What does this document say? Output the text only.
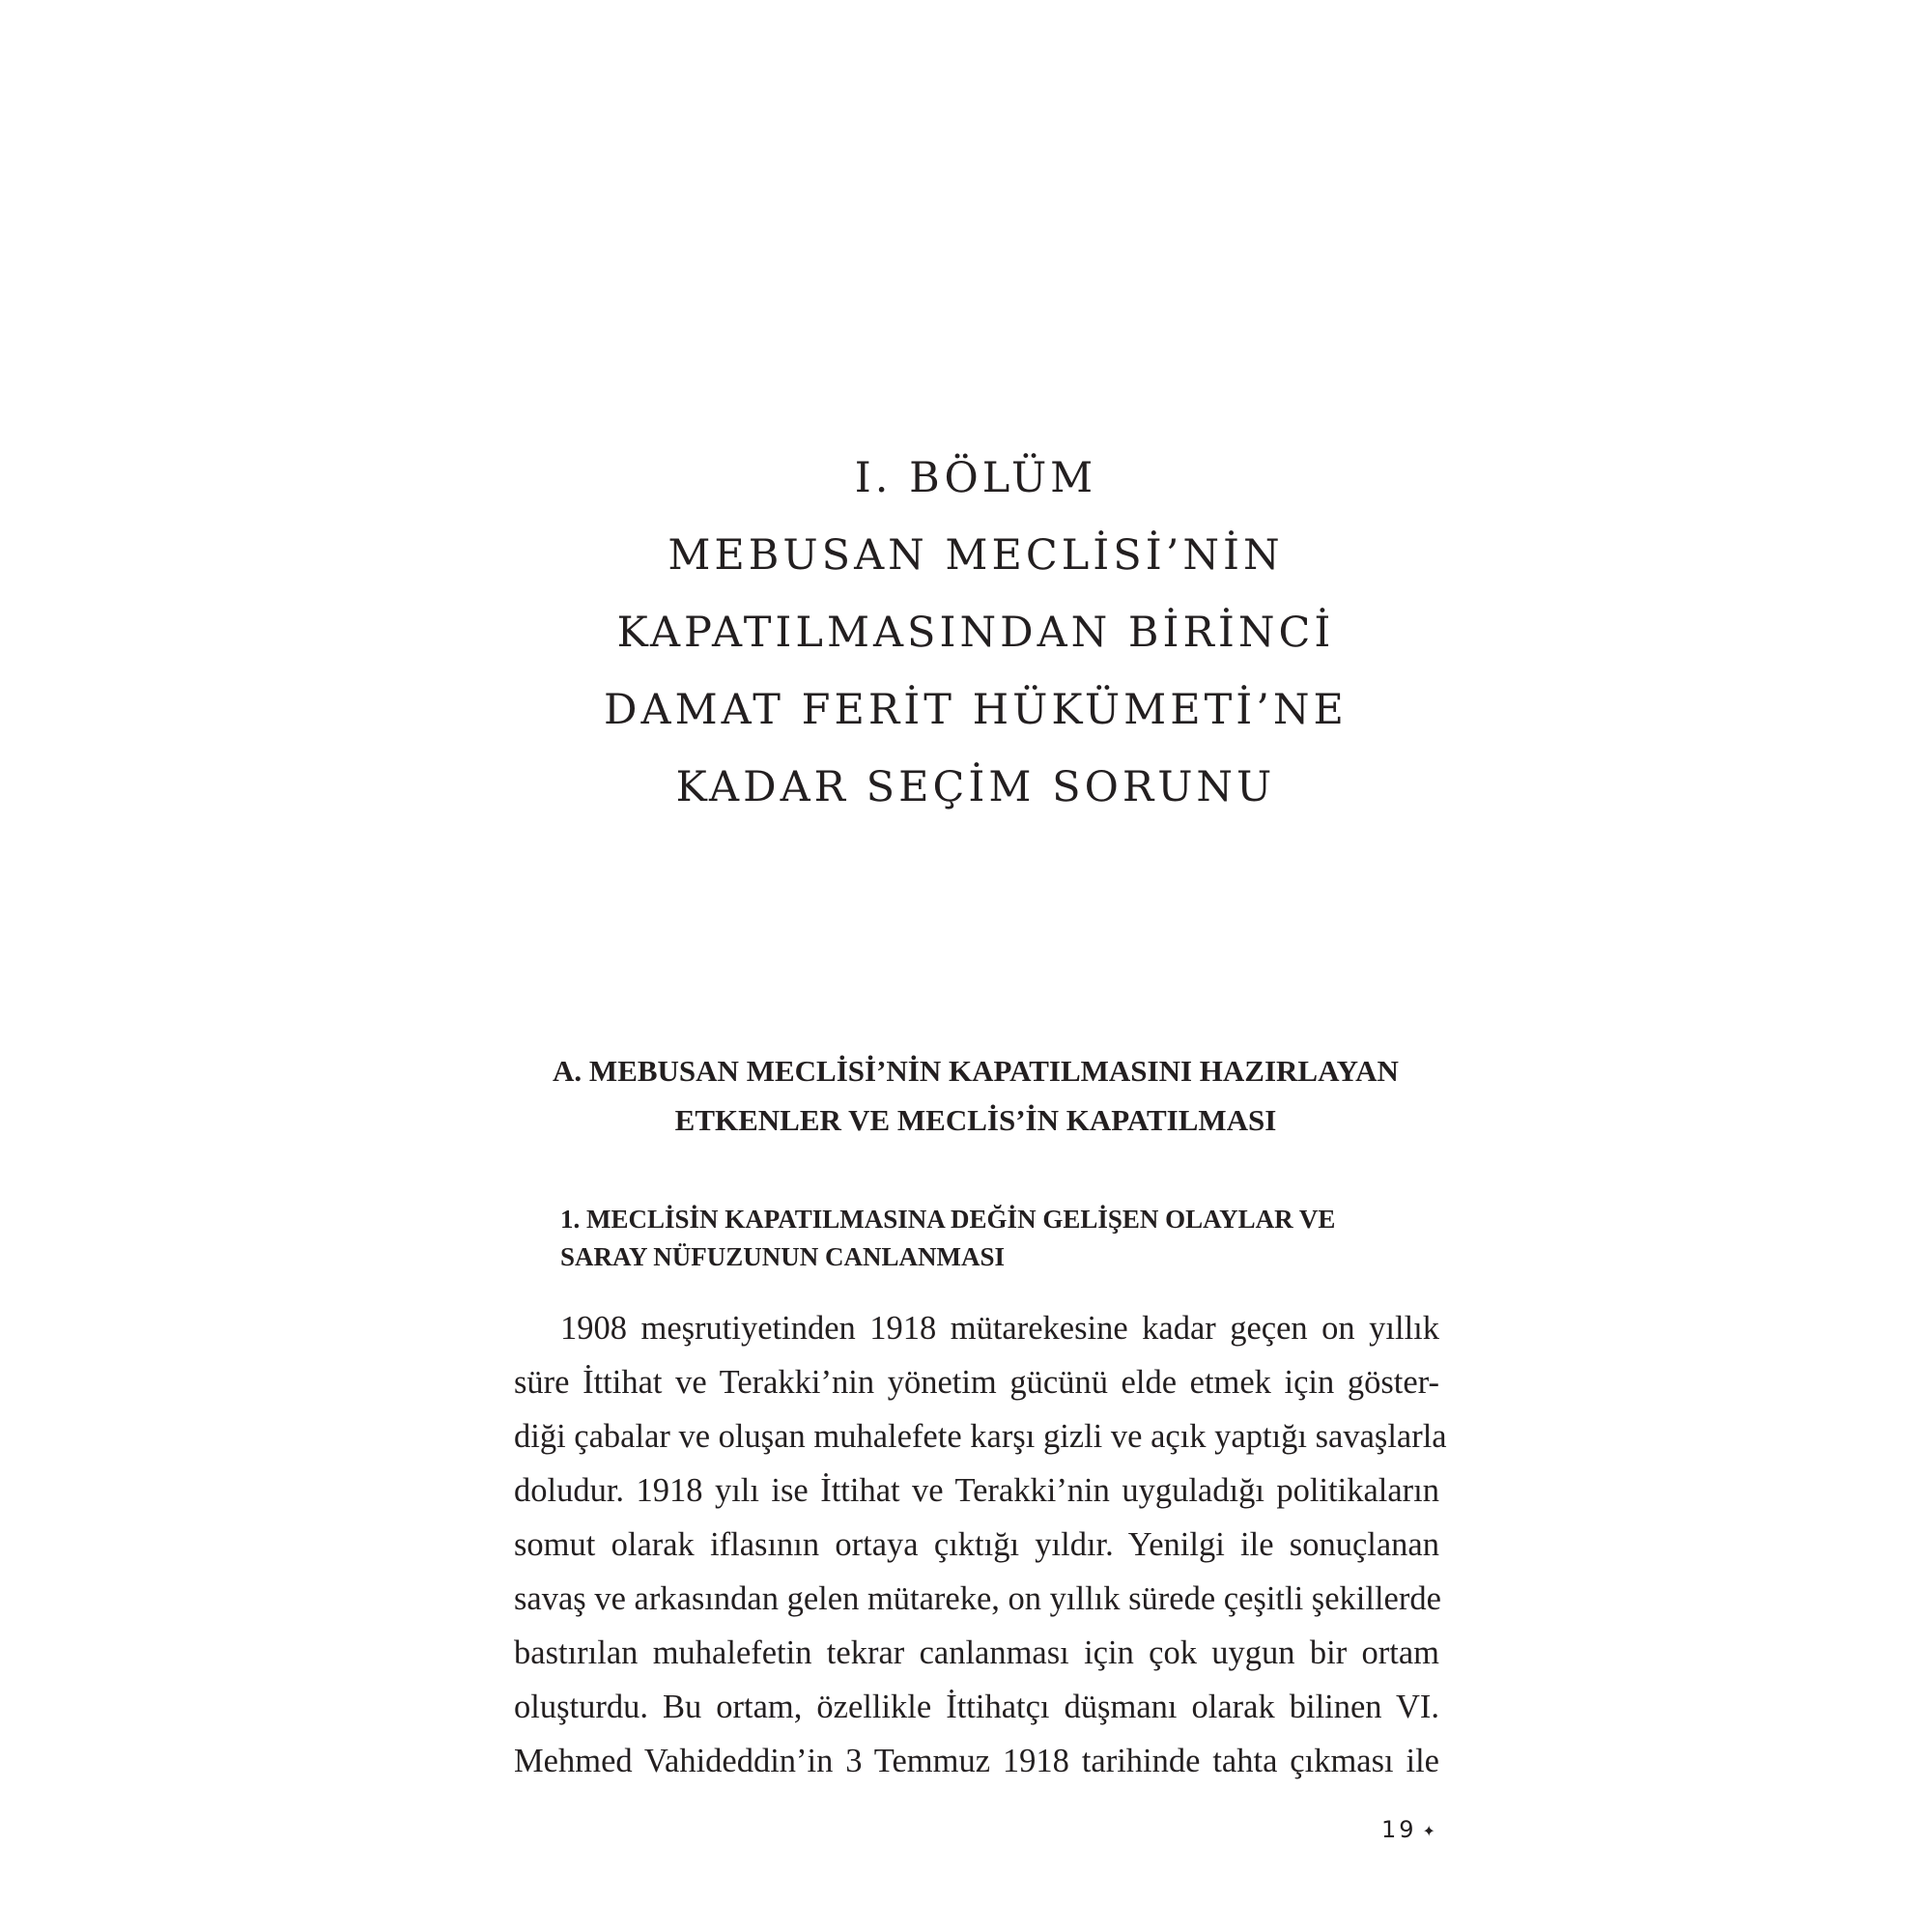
I. BÖLÜM
MEBUSAN MECLİSİ’NİN
KAPATILMASINDAN BİRİNCİ
DAMAT FERİT HÜKÜMETİ’NE
KADAR SEÇİM SORUNU
A. MEBUSAN MECLİSİ’NİN KAPATILMASINI HAZIRLAYAN
ETKENLER VE MECLİS’İN KAPATILMASI
1. MECLİSİN KAPATILMASINA DEĞİN GELİŞEN OLAYLAR VE
SARAY NÜFUZUNUN CANLANMASI
1908 meşrutiyetinden 1918 mütarekesine kadar geçen on yıllık
süre İttihat ve Terakki’nin yönetim gücünü elde etmek için göster-
diği çabalar ve oluşan muhalefete karşı gizli ve açık yaptığı savaşlarla
doludur. 1918 yılı ise İttihat ve Terakki’nin uyguladığı politikaların
somut olarak iflasının ortaya çıktığı yıldır. Yenilgi ile sonuçlanan
savaş ve arkasından gelen mütareke, on yıllık sürede çeşitli şekillerde
bastırılan muhalefetin tekrar canlanması için çok uygun bir ortam
oluşturdu. Bu ortam, özellikle İttihatçı düşmanı olarak bilinen VI.
Mehmed Vahideddin’in 3 Temmuz 1918 tarihinde tahta çıkması ile
19 ✦
